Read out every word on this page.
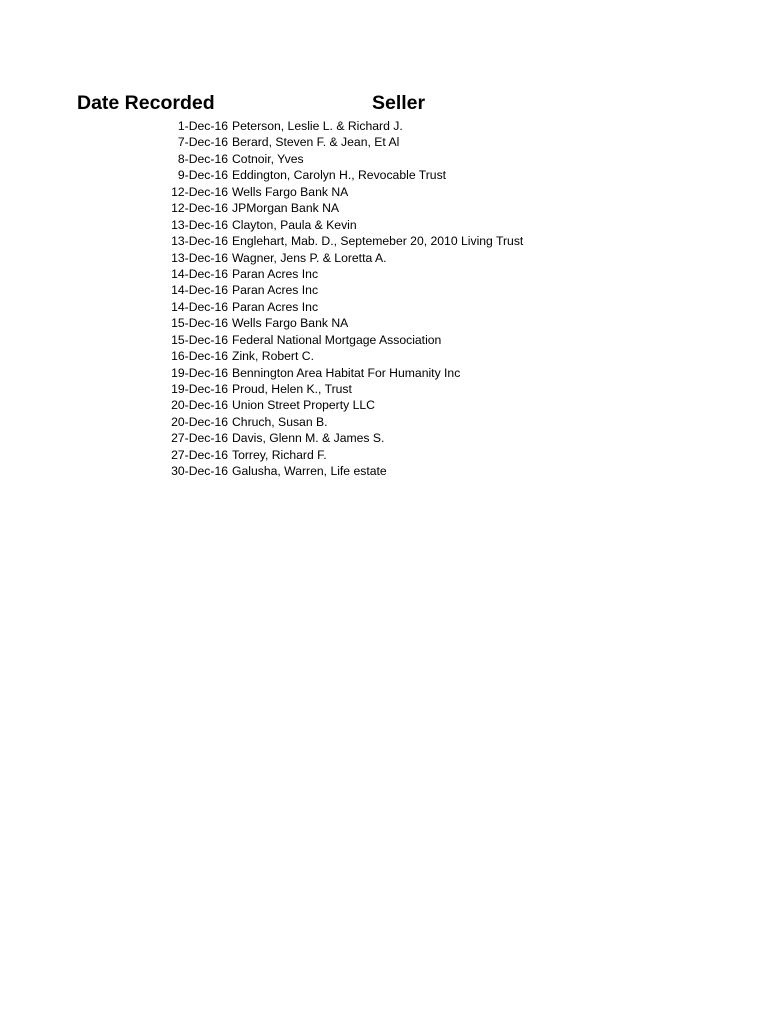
Date Recorded	Seller
1-Dec-16 Peterson, Leslie L. & Richard J.
7-Dec-16 Berard, Steven F. & Jean, Et Al
8-Dec-16 Cotnoir, Yves
9-Dec-16 Eddington, Carolyn H., Revocable Trust
12-Dec-16 Wells Fargo Bank NA
12-Dec-16 JPMorgan Bank NA
13-Dec-16 Clayton, Paula & Kevin
13-Dec-16 Englehart, Mab. D., Septemeber 20, 2010 Living Trust
13-Dec-16 Wagner, Jens P. & Loretta A.
14-Dec-16 Paran Acres Inc
14-Dec-16 Paran Acres Inc
14-Dec-16 Paran Acres Inc
15-Dec-16 Wells Fargo Bank NA
15-Dec-16 Federal National Mortgage Association
16-Dec-16 Zink, Robert C.
19-Dec-16 Bennington Area Habitat For Humanity Inc
19-Dec-16 Proud, Helen K., Trust
20-Dec-16 Union Street Property LLC
20-Dec-16 Chruch, Susan B.
27-Dec-16 Davis, Glenn M. & James S.
27-Dec-16 Torrey, Richard F.
30-Dec-16 Galusha, Warren, Life estate
